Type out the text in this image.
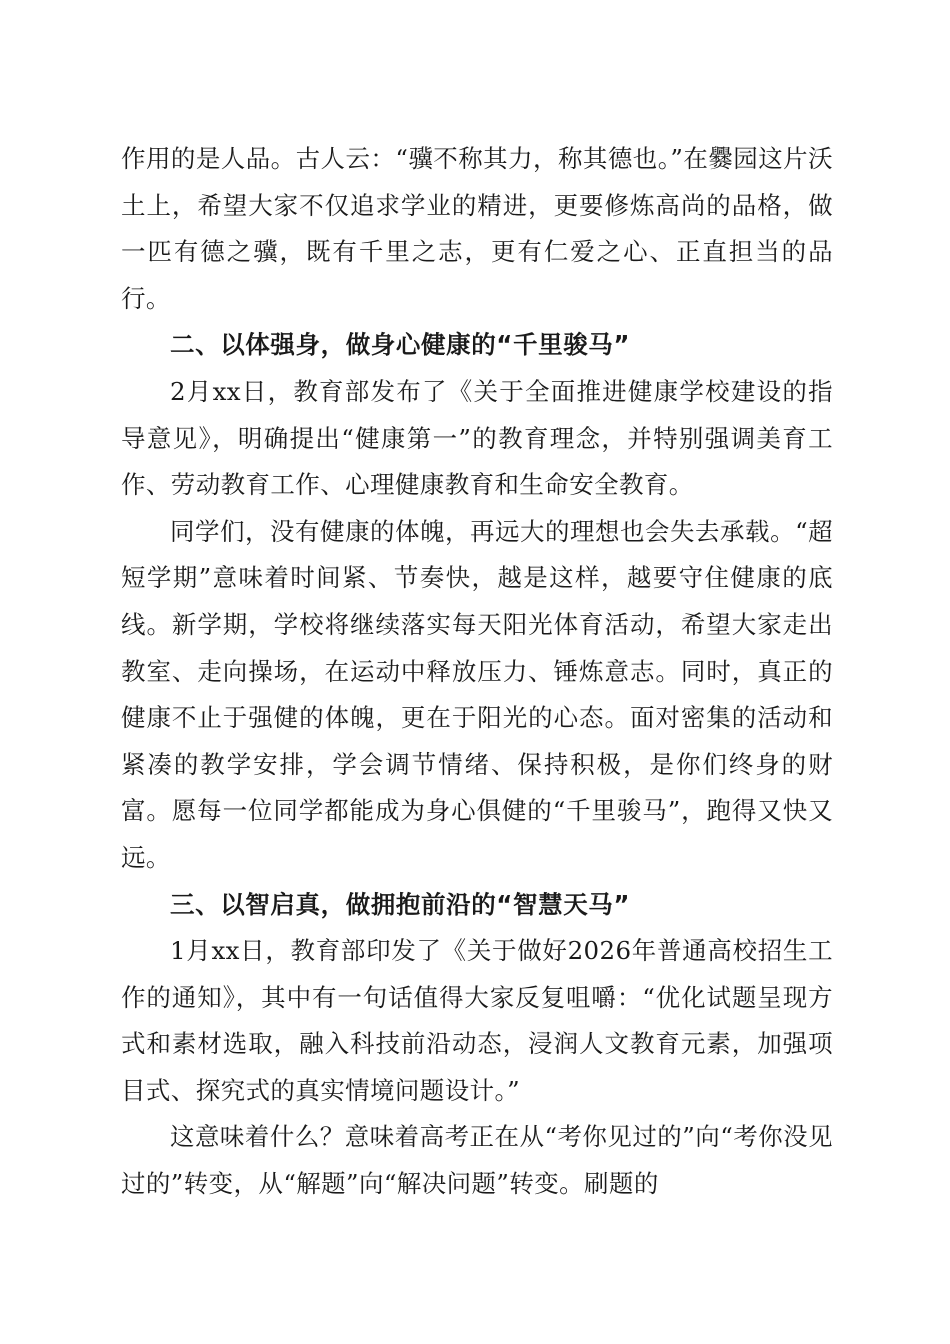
作用的是人品。古人云：“骥不称其力，称其德也。”在爨园这片沃土上，希望大家不仅追求学业的精进，更要修炼高尚的品格，做一匹有德之骥，既有千里之志，更有仁爱之心、正直担当的品行。

二、以体强身，做身心健康的“千里骏马”

2月xx日，教育部发布了《关于全面推进健康学校建设的指导意见》，明确提出“健康第一”的教育理念，并特别强调美育工作、劳动教育工作、心理健康教育和生命安全教育。

同学们，没有健康的体魄，再远大的理想也会失去承载。“超短学期”意味着时间紧、节奏快，越是这样，越要守住健康的底线。新学期，学校将继续落实每天阳光体育活动，希望大家走出教室、走向操场，在运动中释放压力、锤炼意志。同时，真正的健康不止于强健的体魄，更在于阳光的心态。面对密集的活动和紧凑的教学安排，学会调节情绪、保持积极，是你们终身的财富。愿每一位同学都能成为身心俱健的“千里骏马”，跑得又快又远。

三、以智启真，做拥抱前沿的“智慧天马”

1月xx日，教育部印发了《关于做好2026年普通高校招生工作的通知》，其中有一句话值得大家反复咀嚼：“优化试题呈现方式和素材选取，融入科技前沿动态，浸润人文教育元素，加强项目式、探究式的真实情境问题设计。”

这意味着什么？意味着高考正在从“考你见过的”向“考你没见过的”转变，从“解题”向“解决问题”转变。刷题的
